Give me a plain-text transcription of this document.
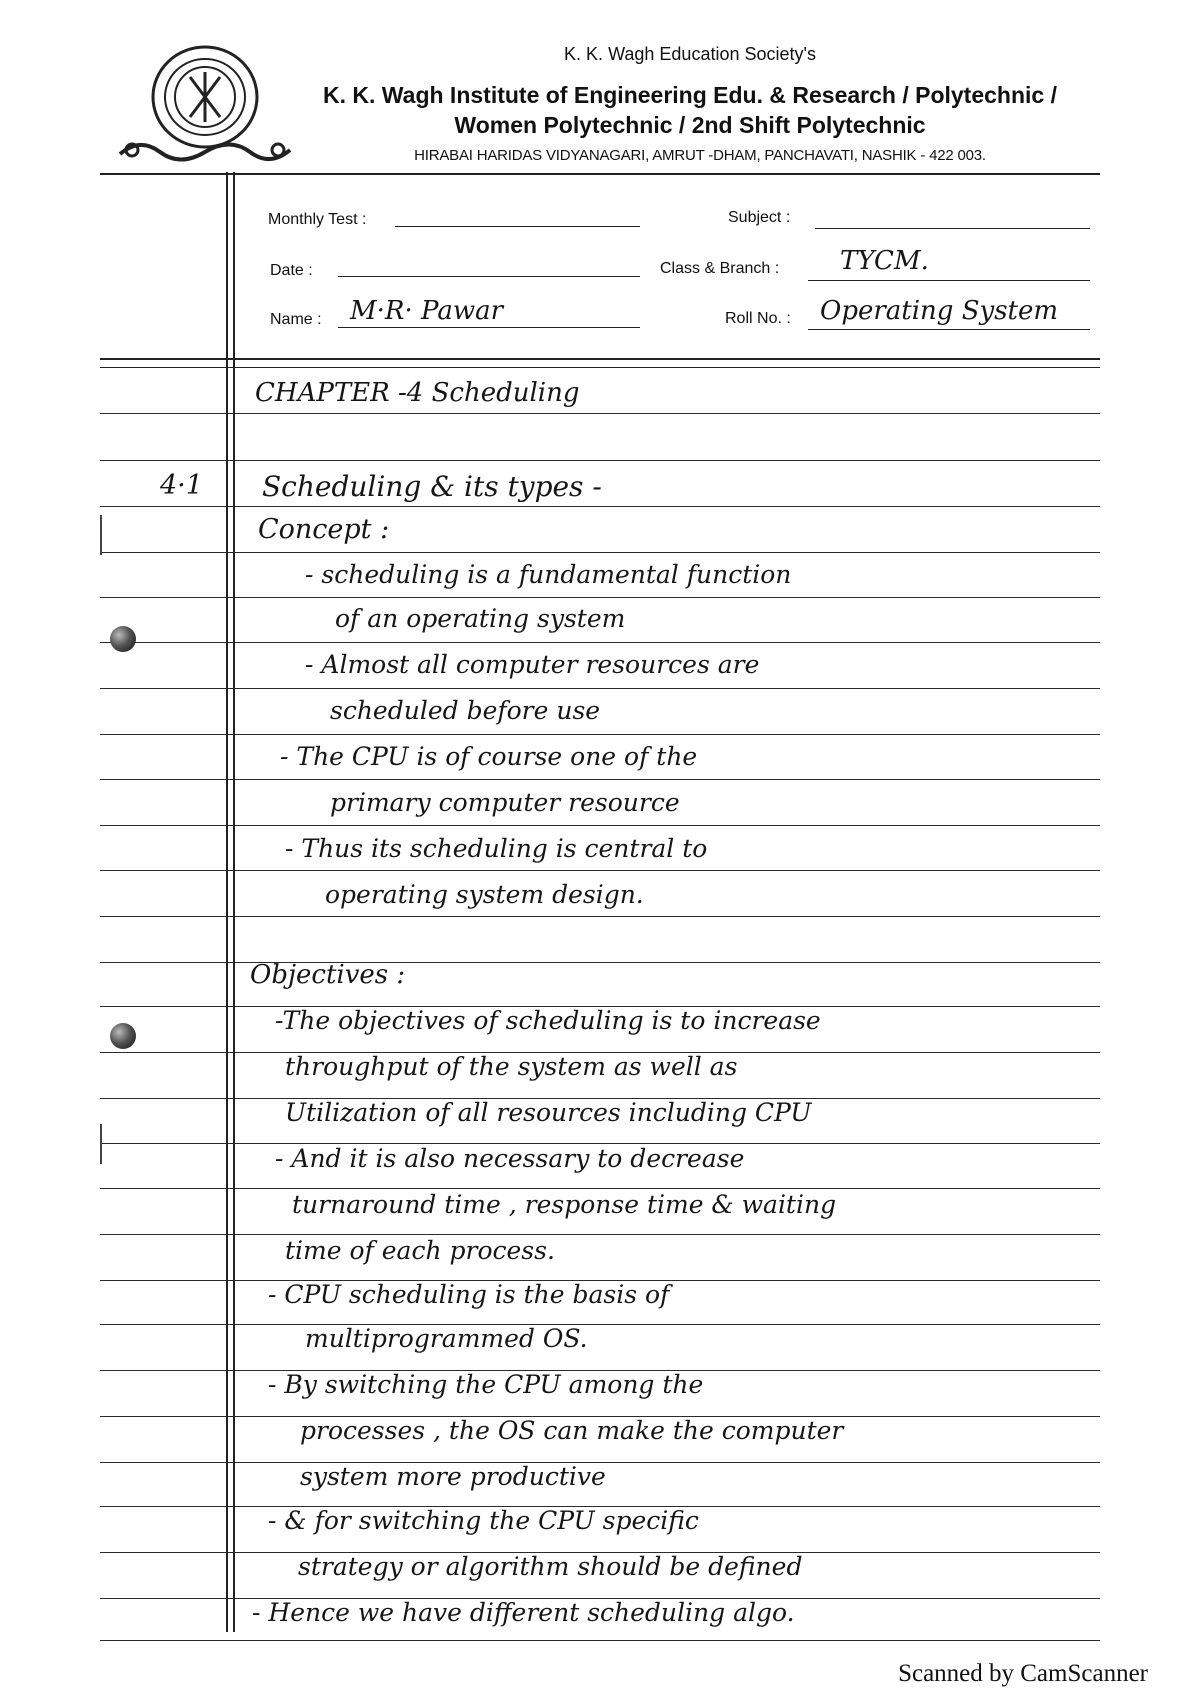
K. K. Wagh Education Society's
K. K. Wagh Institute of Engineering Edu. & Research / Polytechnic /
Women Polytechnic / 2nd Shift Polytechnic
HIRABAI HARIDAS VIDYANAGARI, AMRUT -DHAM, PANCHAVATI, NASHIK - 422 003.
Monthly Test :	Subject :
Date :	Class & Branch : TYCM.
Name : M·R· Pawar	Roll No. : Operating System
CHAPTER -4 Scheduling
4·1 Scheduling & its types -
Concept :
- scheduling is a fundamental function
of an operating system
- Almost all computer resources are
scheduled before use
- The CPU is of course one of the
primary computer resource
- Thus its scheduling is central to
operating system design.
Objectives :
-The objectives of scheduling is to increase
throughput of the system as well as
Utilization of all resources including CPU
- And it is also necessary to decrease
turnaround time , response time & waiting
time of each process.
- CPU scheduling is the basis of
multiprogrammed OS.
- By switching the CPU among the
processes , the OS can make the computer
system more productive
- & for switching the CPU specific
strategy or algorithm should be defined
- Hence we have different scheduling algo.
Scanned by CamScanner
